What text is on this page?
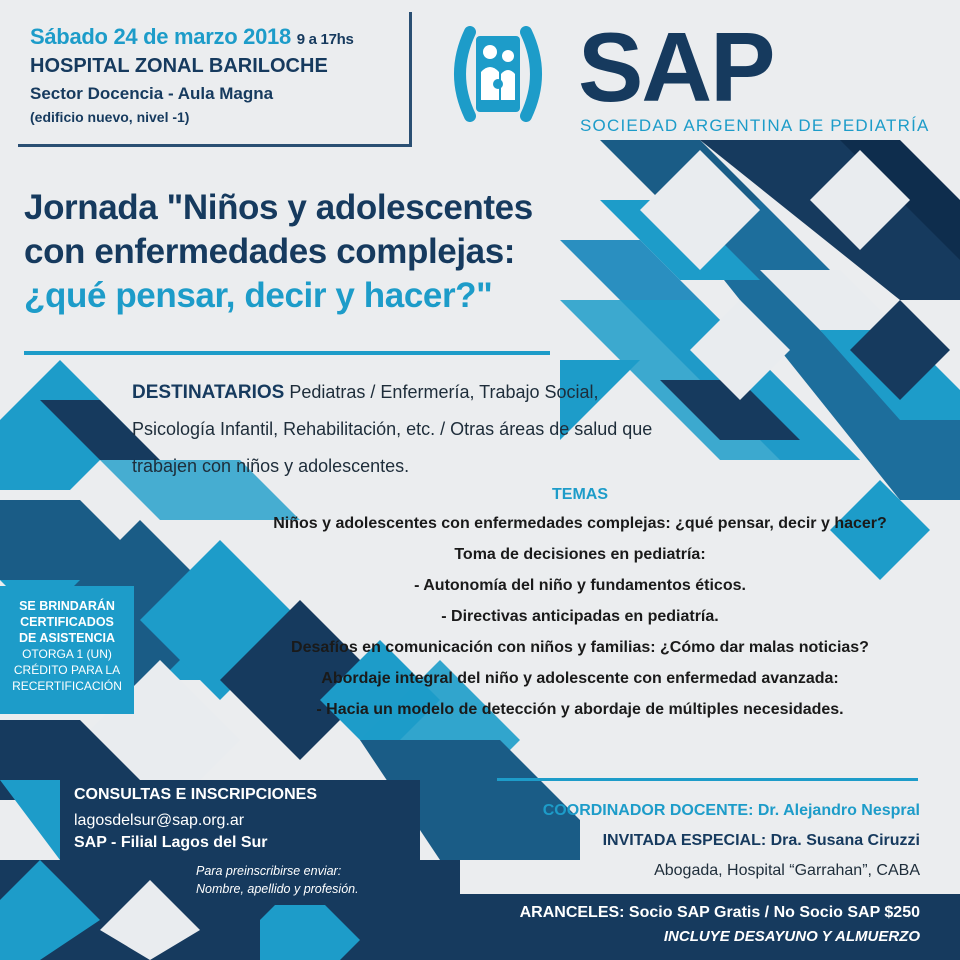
Sábado 24 de marzo 2018 9 a 17hs
HOSPITAL ZONAL BARILOCHE
Sector Docencia - Aula Magna
(edificio nuevo, nivel -1)	SAP
SOCIEDAD ARGENTINA DE PEDIATRÍA
Jornada "Niños y adolescentes
con enfermedades complejas:
¿qué pensar, decir y hacer?"
DESTINATARIOS Pediatras / Enfermería, Trabajo Social,
Psicología Infantil, Rehabilitación, etc. / Otras áreas de salud que
trabajen con niños y adolescentes.
TEMAS
Niños y adolescentes con enfermedades complejas: ¿qué pensar, decir y hacer?
Toma de decisiones en pediatría:
- Autonomía del niño y fundamentos éticos.
- Directivas anticipadas en pediatría.
Desafíos en comunicación con niños y familias: ¿Cómo dar malas noticias?
Abordaje integral del niño y adolescente con enfermedad avanzada:
- Hacia un modelo de detección y abordaje de múltiples necesidades.
SE BRINDARÁN
CERTIFICADOS
DE ASISTENCIA
OTORGA 1 (UN)
CRÉDITO PARA LA
RECERTIFICACIÓN
CONSULTAS E INSCRIPCIONES
lagosdelsur@sap.org.ar
SAP - Filial Lagos del Sur
Para preinscribirse enviar:
Nombre, apellido y profesión.
COORDINADOR DOCENTE: Dr. Alejandro Nespral
INVITADA ESPECIAL: Dra. Susana Ciruzzi
Abogada, Hospital “Garrahan”, CABA
ARANCELES: Socio SAP Gratis / No Socio SAP $250
INCLUYE DESAYUNO Y ALMUERZO
